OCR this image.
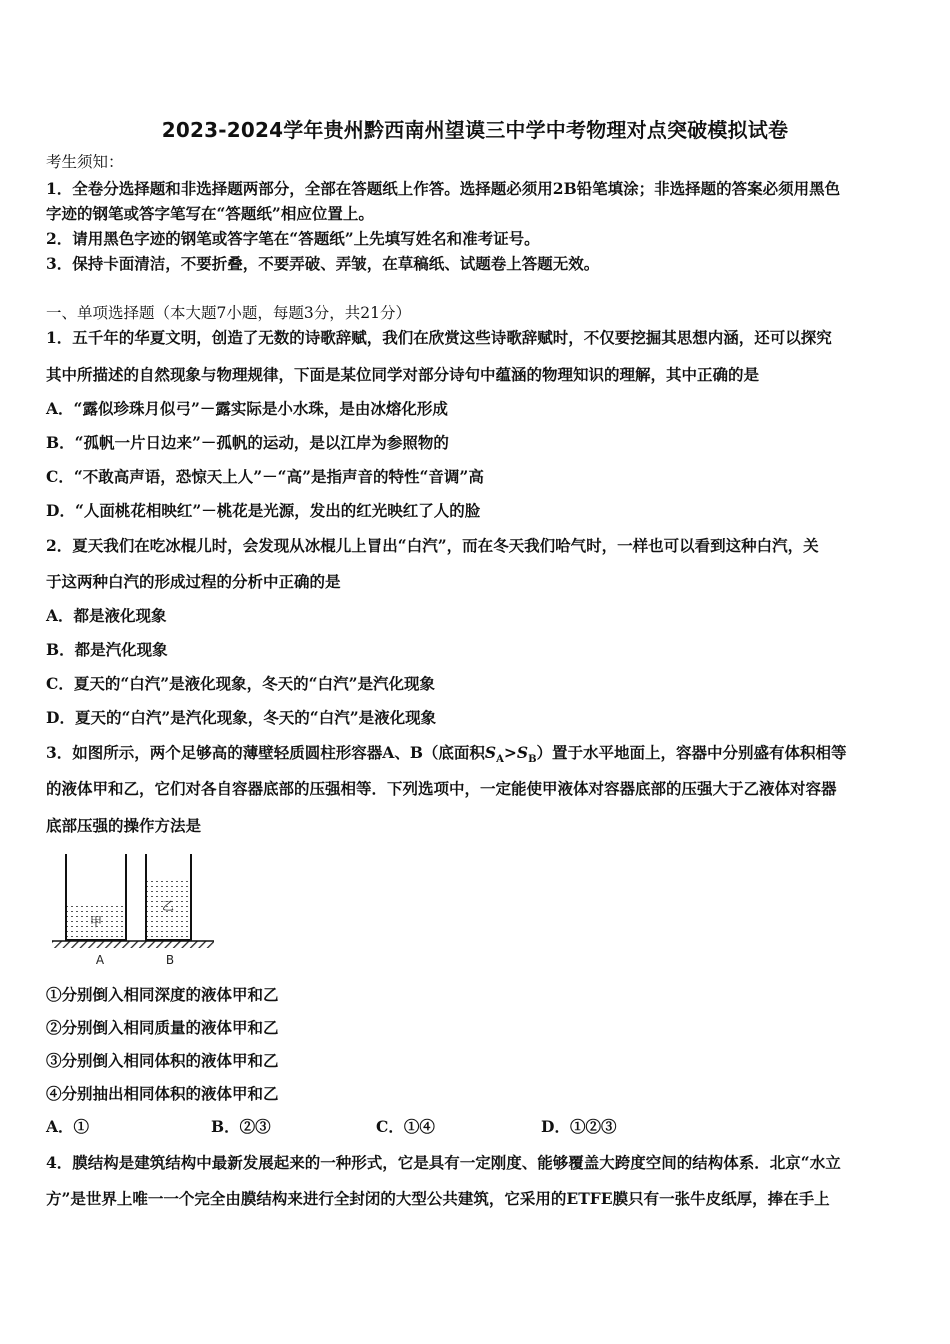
2023-2024学年贵州黔西南州望谟三中学中考物理对点突破模拟试卷
考生须知：
1．全卷分选择题和非选择题两部分，全部在答题纸上作答。选择题必须用2B铅笔填涂；非选择题的答案必须用黑色
字迹的钢笔或答字笔写在“答题纸”相应位置上。
2．请用黑色字迹的钢笔或答字笔在“答题纸”上先填写姓名和准考证号。
3．保持卡面清洁，不要折叠，不要弄破、弄皱，在草稿纸、试题卷上答题无效。
一、单项选择题（本大题7小题，每题3分，共21分）
1．五千年的华夏文明，创造了无数的诗歌辞赋，我们在欣赏这些诗歌辞赋时，不仅要挖掘其思想内涵，还可以探究
其中所描述的自然现象与物理规律，下面是某位同学对部分诗句中蕴涵的物理知识的理解，其中正确的是
A．“露似珍珠月似弓”－露实际是小水珠，是由冰熔化形成
B．“孤帆一片日边来”－孤帆的运动，是以江岸为参照物的
C．“不敢高声语，恐惊天上人”－“高”是指声音的特性“音调”高
D．“人面桃花相映红”－桃花是光源，发出的红光映红了人的脸
2．夏天我们在吃冰棍儿时，会发现从冰棍儿上冒出“白汽”，而在冬天我们哈气时，一样也可以看到这种白汽，关
于这两种白汽的形成过程的分析中正确的是
A．都是液化现象
B．都是汽化现象
C．夏天的“白汽”是液化现象，冬天的“白汽”是汽化现象
D．夏天的“白汽”是汽化现象，冬天的“白汽”是液化现象
3．如图所示，两个足够高的薄壁轻质圆柱形容器A、B（底面积$S_A>S_B$）置于水平地面上，容器中分别盛有体积相等
的液体甲和乙，它们对各自容器底部的压强相等．下列选项中，一定能使甲液体对容器底部的压强大于乙液体对容器
底部压强的操作方法是
甲
乙
A	B
①分别倒入相同深度的液体甲和乙
②分别倒入相同质量的液体甲和乙
③分别倒入相同体积的液体甲和乙
④分别抽出相同体积的液体甲和乙
A．①	B．②③	C．①④	D．①②③
4．膜结构是建筑结构中最新发展起来的一种形式，它是具有一定刚度、能够覆盖大跨度空间的结构体系．北京“水立
方”是世界上唯一一个完全由膜结构来进行全封闭的大型公共建筑，它采用的ETFE膜只有一张牛皮纸厚，捧在手上
